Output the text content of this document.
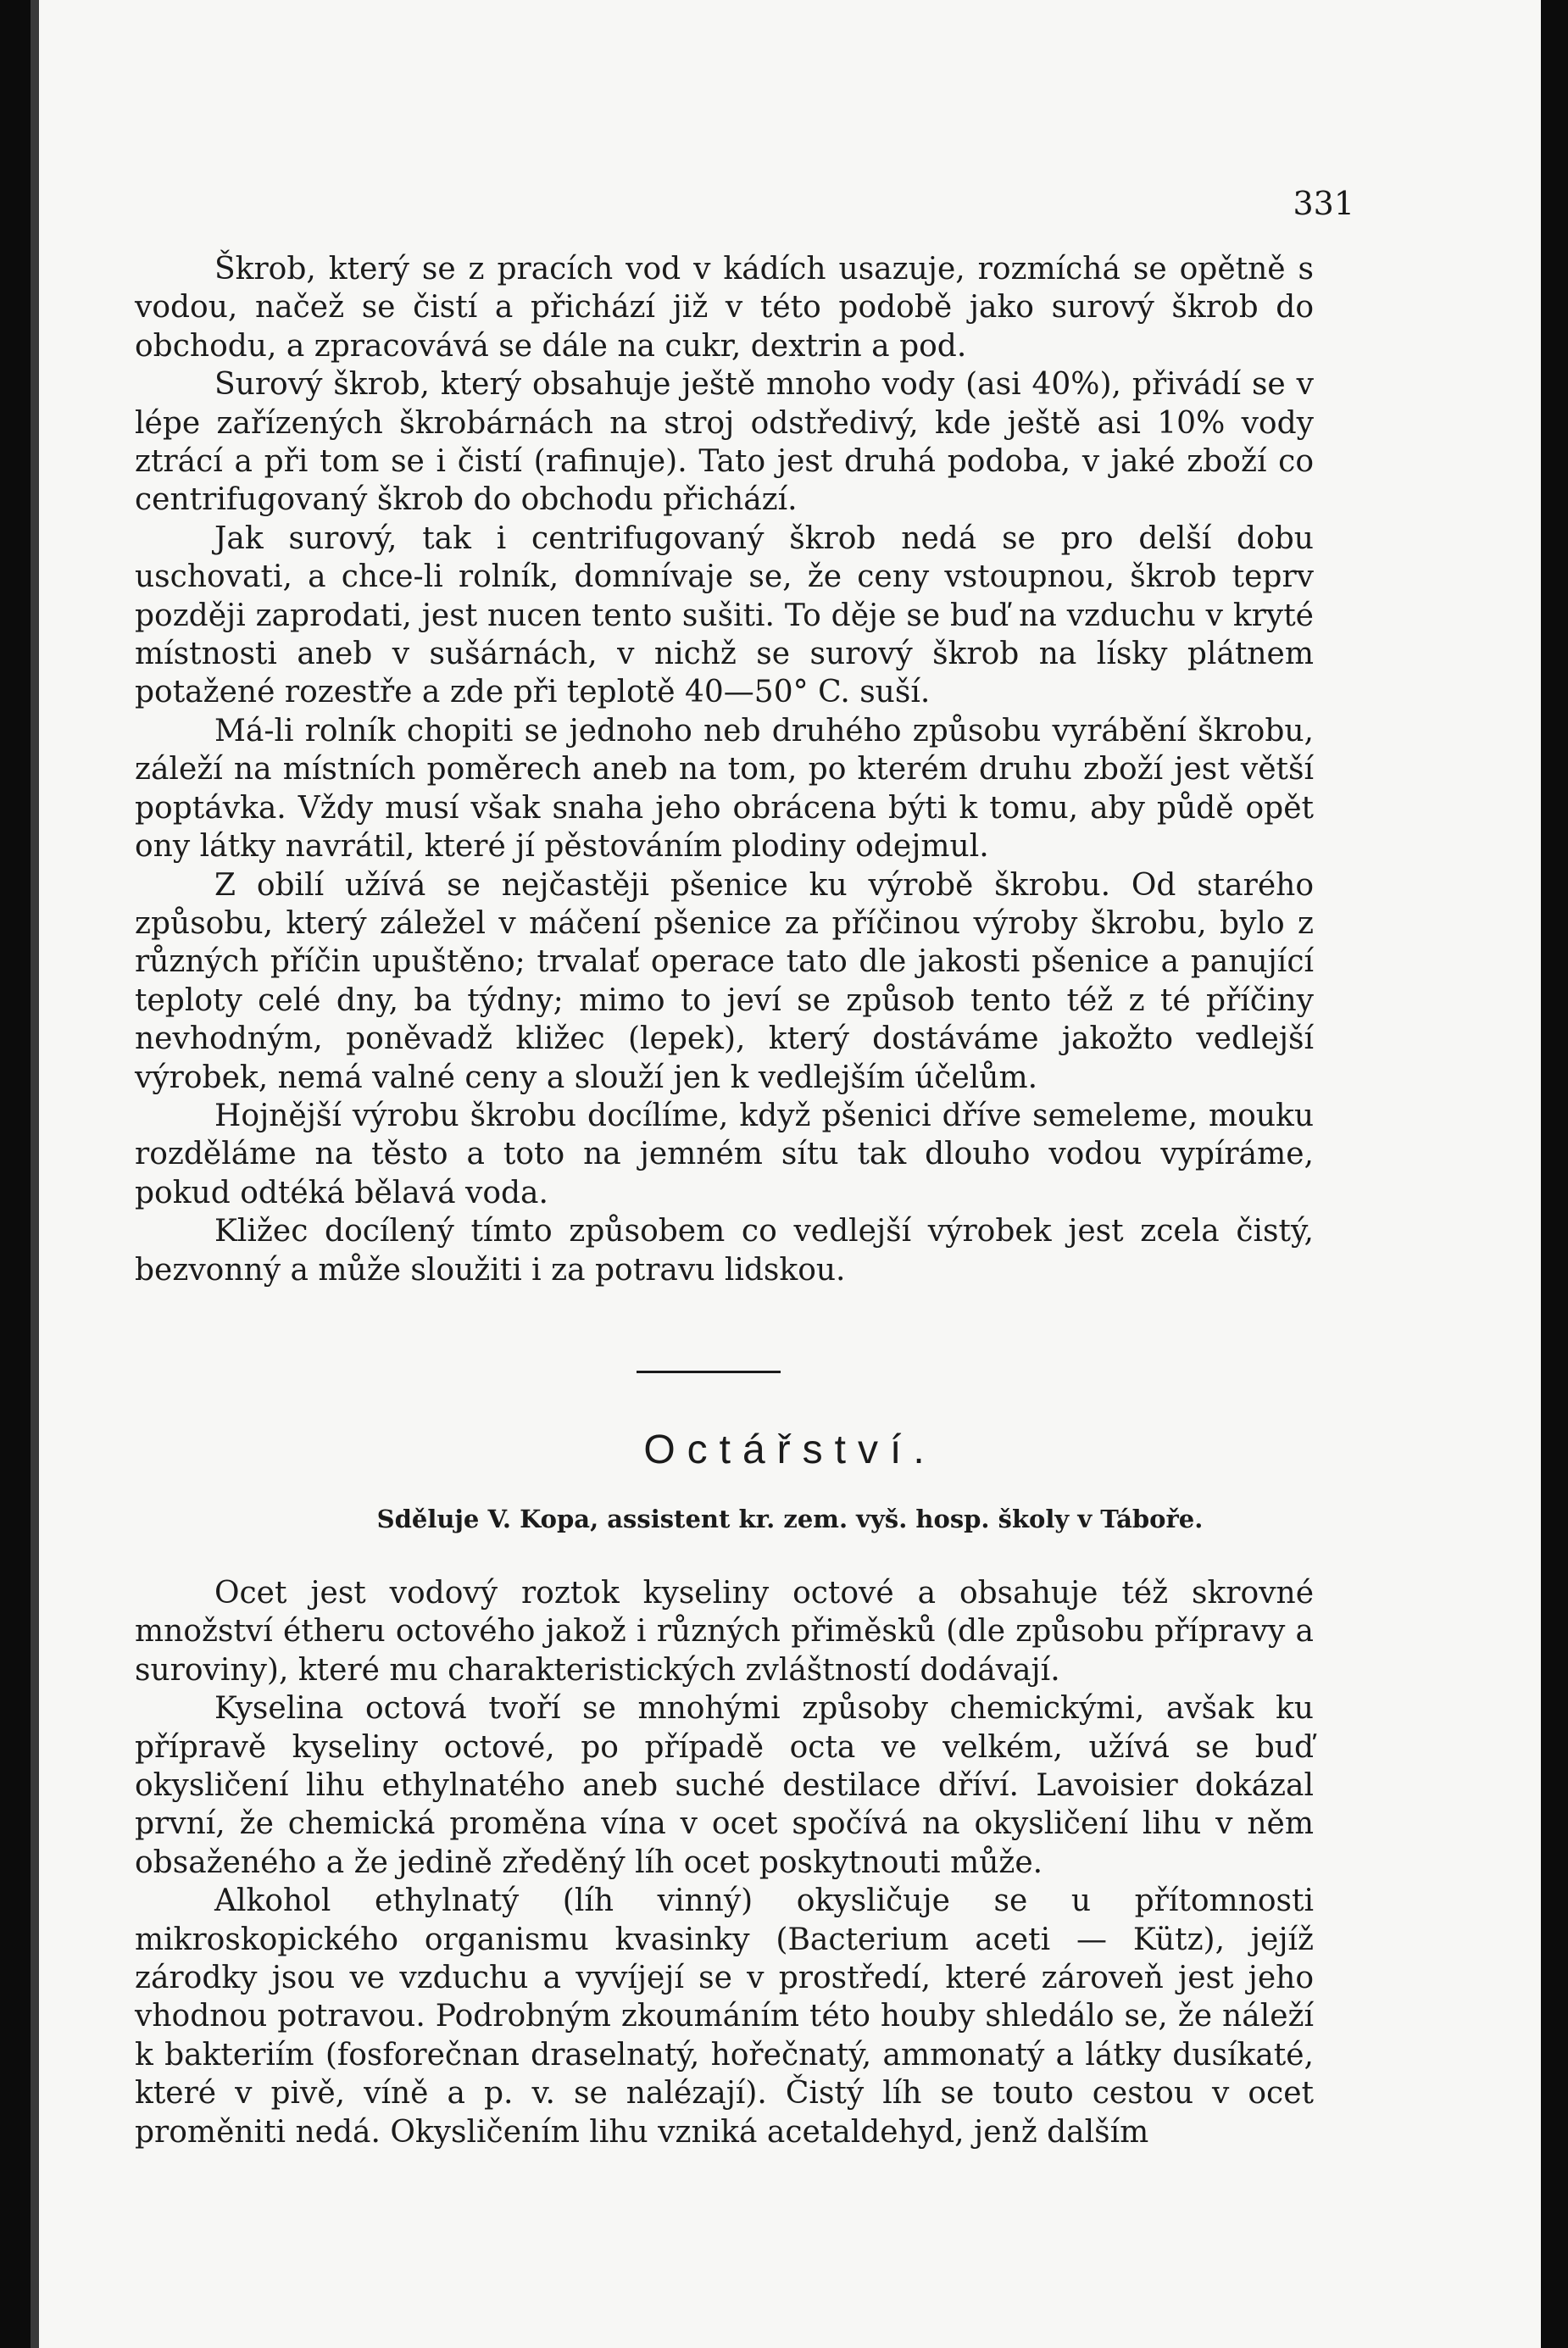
331

Škrob, který se z pracích vod v kádích usazuje, rozmíchá se opětně s vodou, načež se čistí a přichází již v této podobě jako surový škrob do obchodu, a zpracovává se dále na cukr, dextrin a pod.

Surový škrob, který obsahuje ještě mnoho vody (asi 40%), přivádí se v lépe zařízených škrobárnách na stroj odstředivý, kde ještě asi 10% vody ztrácí a při tom se i čistí (rafinuje). Tato jest druhá podoba, v jaké zboží co centrifugovaný škrob do obchodu přichází.

Jak surový, tak i centrifugovaný škrob nedá se pro delší dobu uschovati, a chce-li rolník, domnívaje se, že ceny vstoupnou, škrob teprv později zaprodati, jest nucen tento sušiti. To děje se buď na vzduchu v kryté místnosti aneb v sušárnách, v nichž se surový škrob na lísky plátnem potažené rozestře a zde při teplotě 40—50° C. suší.

Má-li rolník chopiti se jednoho neb druhého způsobu vyrábění škrobu, záleží na místních poměrech aneb na tom, po kterém druhu zboží jest větší poptávka. Vždy musí však snaha jeho obrácena býti k tomu, aby půdě opět ony látky navrátil, které jí pěstováním plodiny odejmul.

Z obilí užívá se nejčastěji pšenice ku výrobě škrobu. Od starého způsobu, který záležel v máčení pšenice za příčinou výroby škrobu, bylo z různých příčin upuštěno; trvalať operace tato dle jakosti pšenice a panující teploty celé dny, ba týdny; mimo to jeví se způsob tento též z té příčiny nevhodným, poněvadž kližec (lepek), který dostáváme jakožto vedlejší výrobek, nemá valné ceny a slouží jen k vedlejším účelům.

Hojnější výrobu škrobu docílíme, když pšenici dříve semeleme, mouku rozděláme na těsto a toto na jemném sítu tak dlouho vodou vypíráme, pokud odtéká bělavá voda.

Kližec docílený tímto způsobem co vedlejší výrobek jest zcela čistý, bezvonný a může sloužiti i za potravu lidskou.

Octářství.
Sděluje V. Kopa, assistent kr. zem. vyš. hosp. školy v Táboře.

Ocet jest vodový roztok kyseliny octové a obsahuje též skrovné množství étheru octového jakož i různých přiměsků (dle způsobu přípravy a suroviny), které mu charakteristických zvláštností dodávají.

Kyselina octová tvoří se mnohými způsoby chemickými, avšak ku přípravě kyseliny octové, po případě octa ve velkém, užívá se buď okysličení lihu ethylnatého aneb suché destilace dříví. Lavoisier dokázal první, že chemická proměna vína v ocet spočívá na okysličení lihu v něm obsaženého a že jedině zředěný líh ocet poskytnouti může.

Alkohol ethylnatý (líh vinný) okysličuje se u přítomnosti mikroskopického organismu kvasinky (Bacterium aceti — Kütz), jejíž zárodky jsou ve vzduchu a vyvíjejí se v prostředí, které zároveň jest jeho vhodnou potravou. Podrobným zkoumáním této houby shledálo se, že náleží k bakteriím (fosforečnan draselnatý, hořečnatý, ammonatý a látky dusíkaté, které v pivě, víně a p. v. se nalézají). Čistý líh se touto cestou v ocet proměniti nedá. Okysličením lihu vzniká acetaldehyd, jenž dalším
